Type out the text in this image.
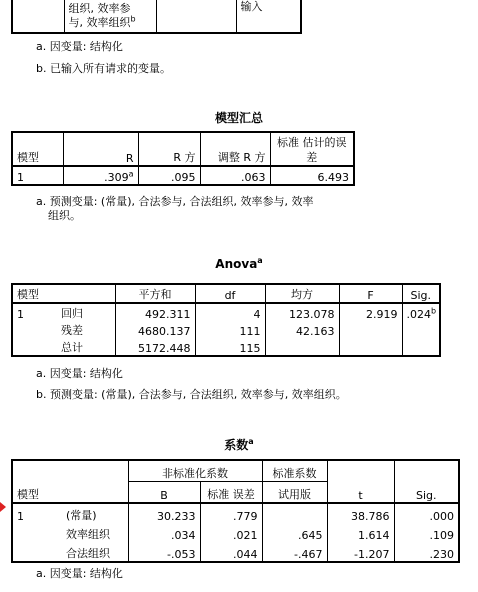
组织, 效率参
与, 效率组织$^b$
		输入
a. 因变量: 结构化
b. 已输入所有请求的变量。
模型汇总
模型	R	R 方	调整 R 方	标准 估计的误差
1	.309$^a$	.095	.063	6.493
a. 预测变量: (常量), 合法参与, 合法组织, 效率参与, 效率
组织。
Anova$^a$
模型		平方和	df	均方	F	Sig.
1	回归	492.311	4	123.078	2.919	.024$^b$
	残差	4680.137	111	42.163		
	总计	5172.448	115			
a. 因变量: 结构化
b. 预测变量: (常量), 合法参与, 合法组织, 效率参与, 效率组织。
系数$^a$
		非标准化系数		标准系数		
模型		B	标准 误差	试用版	t	Sig.
1	(常量)	30.233	.779		38.786	.000
	效率组织	.034	.021	.645	1.614	.109
	合法组织	-.053	.044	-.467	-1.207	.230
a. 因变量: 结构化
